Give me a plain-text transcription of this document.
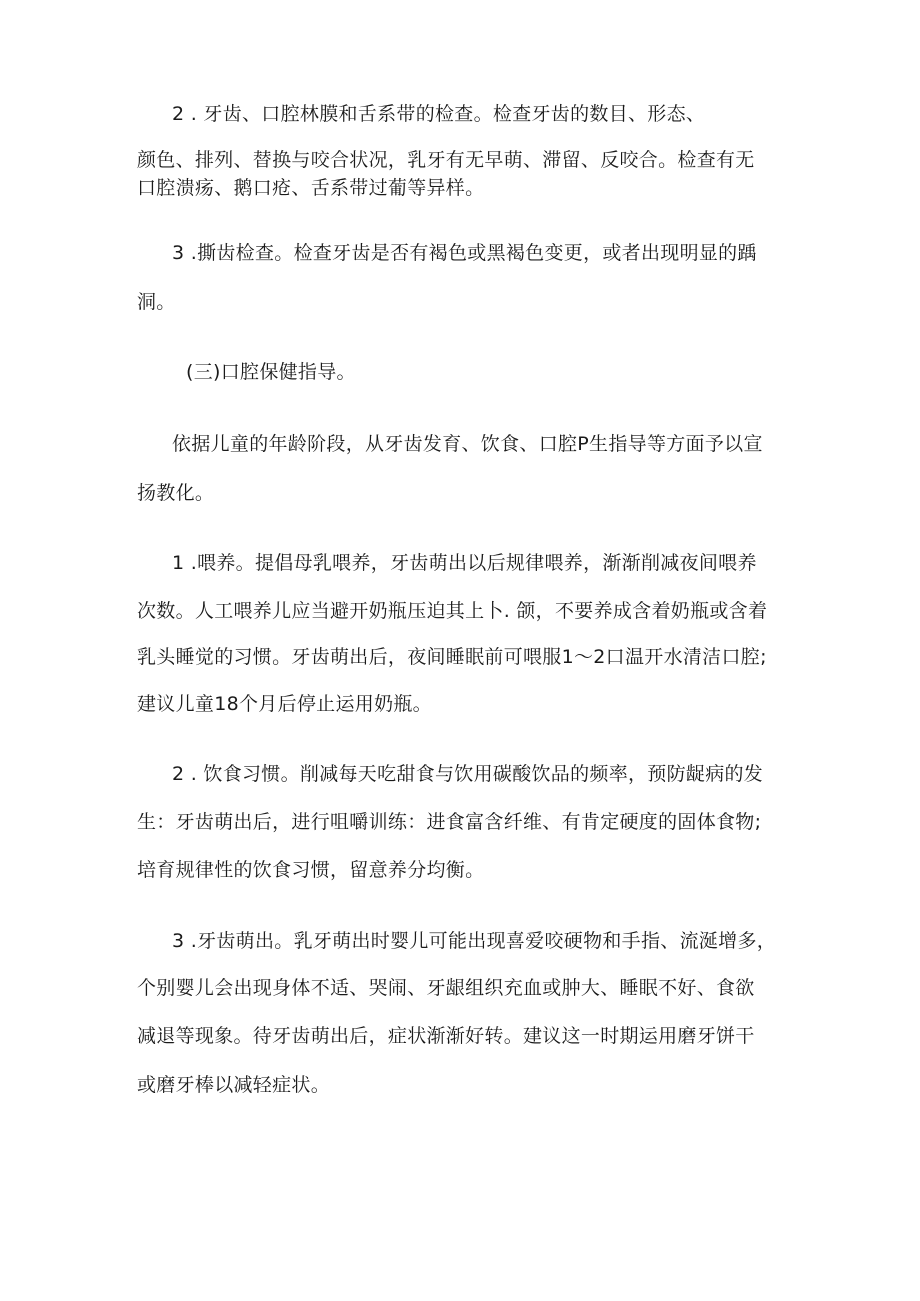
2 . 牙齿、口腔林膜和舌系带的检查。检查牙齿的数目、形态、
颜色、排列、替换与咬合状况，乳牙有无早萌、滞留、反咬合。检查有无
口腔溃疡、鹅口疮、舌系带过葡等异样。
3 .撕齿检查。检查牙齿是否有褐色或黑褐色变更，或者出现明显的踽
洞。
(三)口腔保健指导。
依据儿童的年龄阶段，从牙齿发育、饮食、口腔P生指导等方面予以宣
扬教化。
1 .喂养。提倡母乳喂养，牙齿萌出以后规律喂养，渐渐削减夜间喂养
次数。人工喂养儿应当避开奶瓶压迫其上卜. 颌，不要养成含着奶瓶或含着
乳头睡觉的习惯。牙齿萌出后，夜间睡眠前可喂服1～2口温开水清洁口腔;
建议儿童18个月后停止运用奶瓶。
2 . 饮食习惯。削减每天吃甜食与饮用碳酸饮品的频率，预防龊病的发
生：牙齿萌出后，进行咀嚼训练：进食富含纤维、有肯定硬度的固体食物;
培育规律性的饮食习惯，留意养分均衡。
3 .牙齿萌出。乳牙萌出时婴儿可能出现喜爱咬硬物和手指、流涎增多，
个别婴儿会出现身体不适、哭闹、牙龈组织充血或肿大、睡眠不好、食欲
减退等现象。待牙齿萌出后，症状渐渐好转。建议这一时期运用磨牙饼干
或磨牙棒以减轻症状。
